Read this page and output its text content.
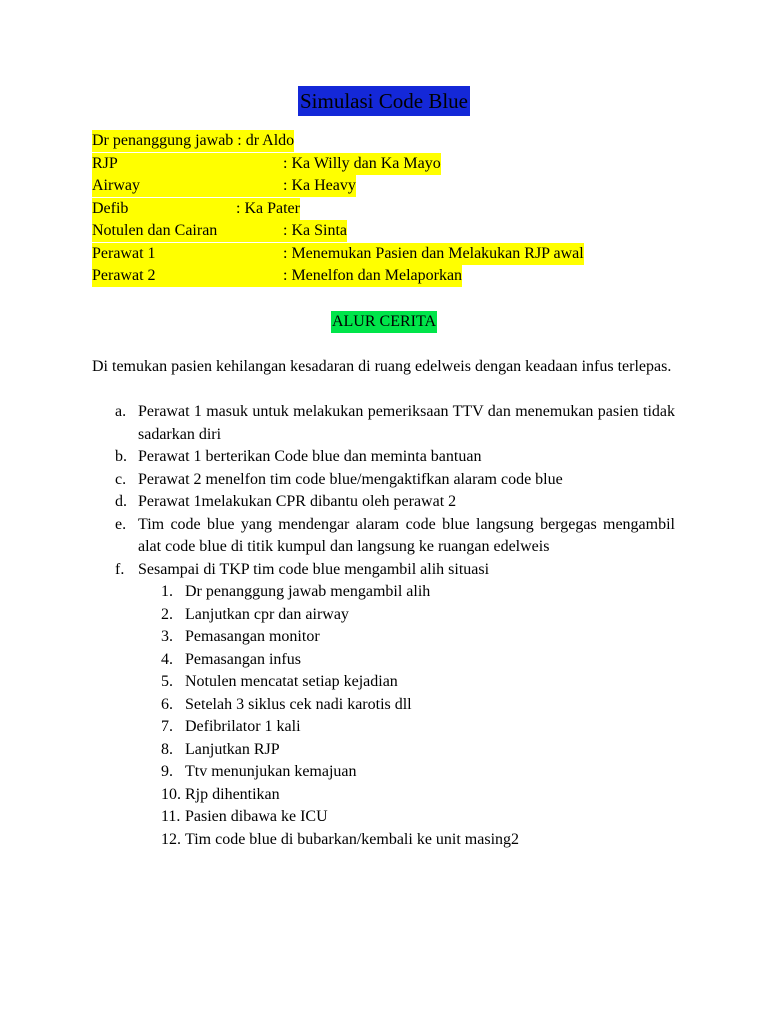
Simulasi Code Blue
Dr penanggung jawab : dr Aldo
RJP	: Ka Willy dan Ka Mayo
Airway	: Ka Heavy
Defib	: Ka Pater
Notulen dan Cairan	: Ka Sinta
Perawat 1	: Menemukan Pasien dan Melakukan RJP awal
Perawat 2	: Menelfon dan Melaporkan
ALUR CERITA
Di temukan pasien kehilangan kesadaran di ruang edelweis dengan keadaan infus terlepas.
a. Perawat 1 masuk untuk melakukan pemeriksaan TTV dan menemukan pasien tidak sadarkan diri
b. Perawat 1 berterikan Code blue dan meminta bantuan
c. Perawat 2 menelfon tim code blue/mengaktifkan alaram code blue
d. Perawat 1melakukan CPR dibantu oleh perawat 2
e. Tim code blue yang mendengar alaram code blue langsung bergegas mengambil alat code blue di titik kumpul dan langsung ke ruangan edelweis
f. Sesampai di TKP tim code blue mengambil alih situasi
1. Dr penanggung jawab mengambil alih
2. Lanjutkan cpr dan airway
3. Pemasangan monitor
4. Pemasangan infus
5. Notulen mencatat setiap kejadian
6. Setelah 3 siklus cek nadi karotis dll
7. Defibrilator 1 kali
8. Lanjutkan RJP
9. Ttv menunjukan kemajuan
10. Rjp dihentikan
11. Pasien dibawa ke ICU
12. Tim code blue di bubarkan/kembali ke unit masing2
